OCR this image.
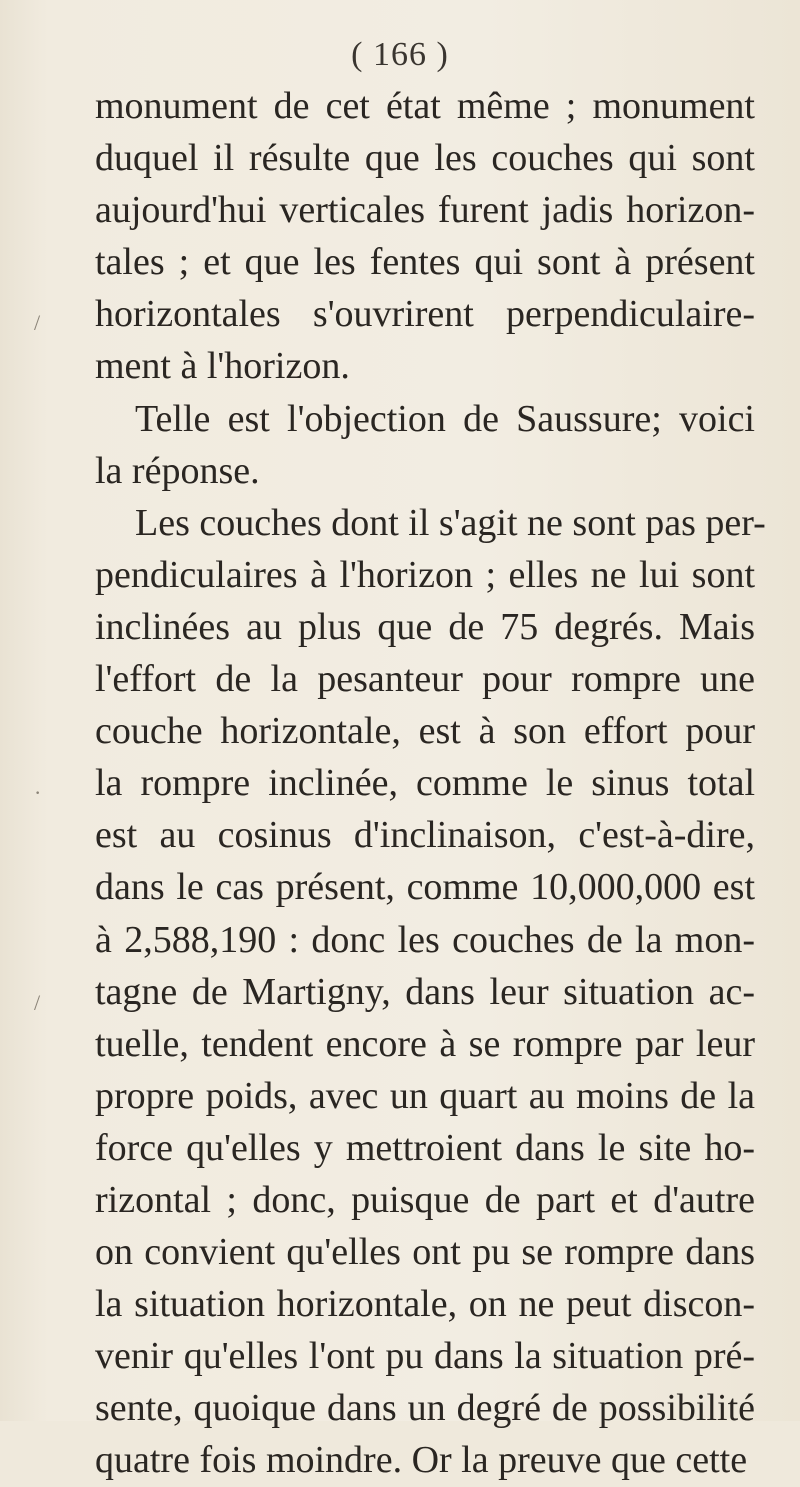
( 166 )
monument de cet état même ; monument
duquel il résulte que les couches qui sont
aujourd'hui verticales furent jadis horizon-
tales ; et que les fentes qui sont à présent
horizontales s'ouvrirent perpendiculaire-
ment à l'horizon.
Telle est l'objection de Saussure; voici
la réponse.
Les couches dont il s'agit ne sont pas per-
pendiculaires à l'horizon ; elles ne lui sont
inclinées au plus que de 75 degrés. Mais
l'effort de la pesanteur pour rompre une
couche horizontale, est à son effort pour
la rompre inclinée, comme le sinus total
est au cosinus d'inclinaison, c'est-à-dire,
dans le cas présent, comme 10,000,000 est
à 2,588,190 : donc les couches de la mon-
tagne de Martigny, dans leur situation ac-
tuelle, tendent encore à se rompre par leur
propre poids, avec un quart au moins de la
force qu'elles y mettroient dans le site ho-
rizontal ; donc, puisque de part et d'autre
on convient qu'elles ont pu se rompre dans
la situation horizontale, on ne peut discon-
venir qu'elles l'ont pu dans la situation pré-
sente, quoique dans un degré de possibilité
quatre fois moindre. Or la preuve que cette
/
·
/
